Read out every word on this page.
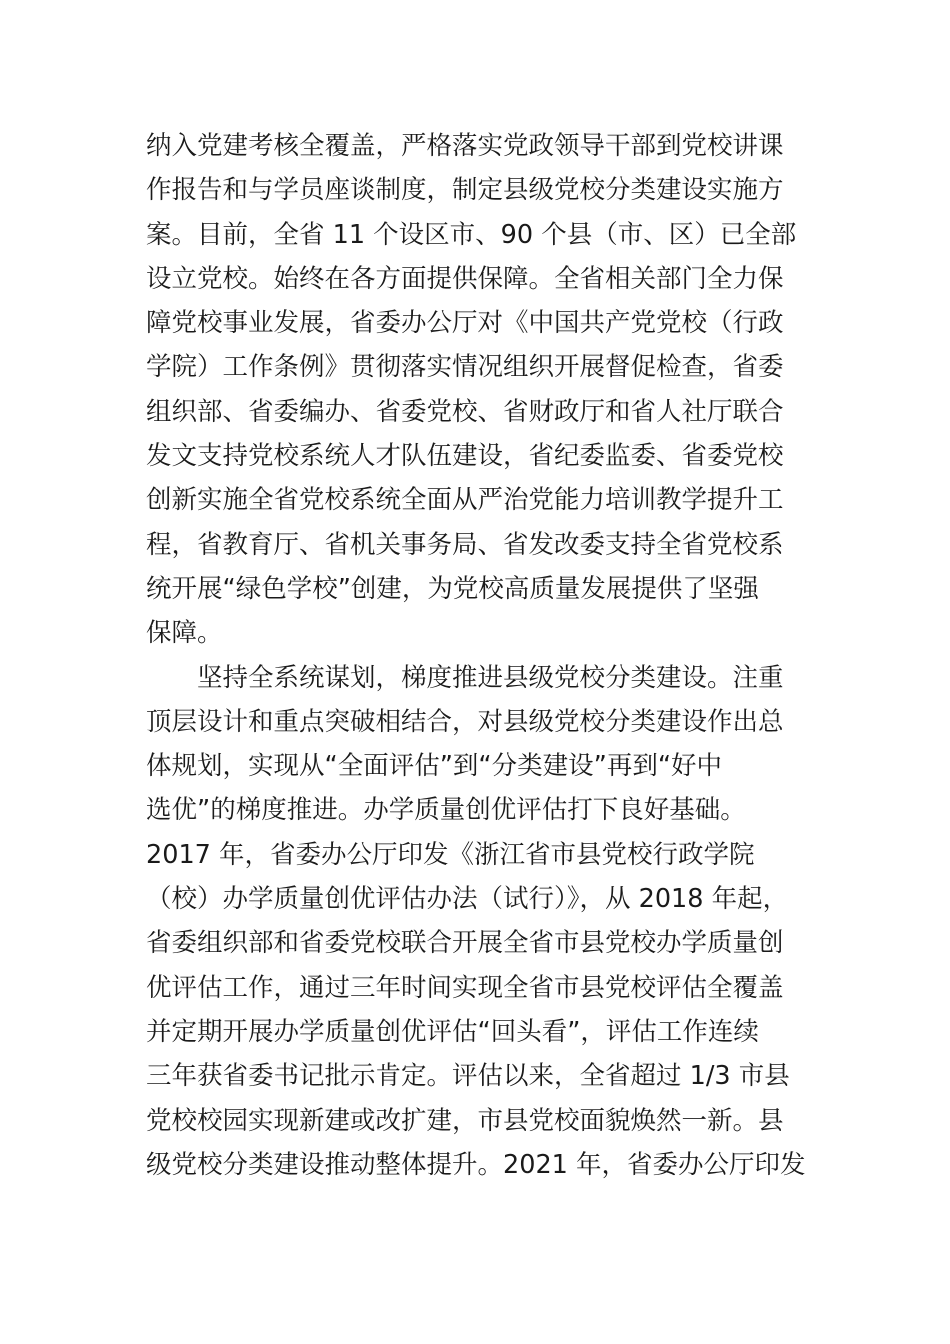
纳入党建考核全覆盖，严格落实党政领导干部到党校讲课
作报告和与学员座谈制度，制定县级党校分类建设实施方
案。目前，全省 11 个设区市、90 个县（市、区）已全部
设立党校。始终在各方面提供保障。全省相关部门全力保
障党校事业发展，省委办公厅对《中国共产党党校（行政
学院）工作条例》贯彻落实情况组织开展督促检查，省委
组织部、省委编办、省委党校、省财政厅和省人社厅联合
发文支持党校系统人才队伍建设，省纪委监委、省委党校
创新实施全省党校系统全面从严治党能力培训教学提升工
程，省教育厅、省机关事务局、省发改委支持全省党校系
统开展“绿色学校”创建，为党校高质量发展提供了坚强
保障。
坚持全系统谋划，梯度推进县级党校分类建设。注重
顶层设计和重点突破相结合，对县级党校分类建设作出总
体规划，实现从“全面评估”到“分类建设”再到“好中
选优”的梯度推进。办学质量创优评估打下良好基础。
2017 年，省委办公厅印发《浙江省市县党校行政学院
（校）办学质量创优评估办法（试行）》，从 2018 年起，
省委组织部和省委党校联合开展全省市县党校办学质量创
优评估工作，通过三年时间实现全省市县党校评估全覆盖
并定期开展办学质量创优评估“回头看”，评估工作连续
三年获省委书记批示肯定。评估以来，全省超过 1/3 市县
党校校园实现新建或改扩建，市县党校面貌焕然一新。县
级党校分类建设推动整体提升。2021 年，省委办公厅印发
